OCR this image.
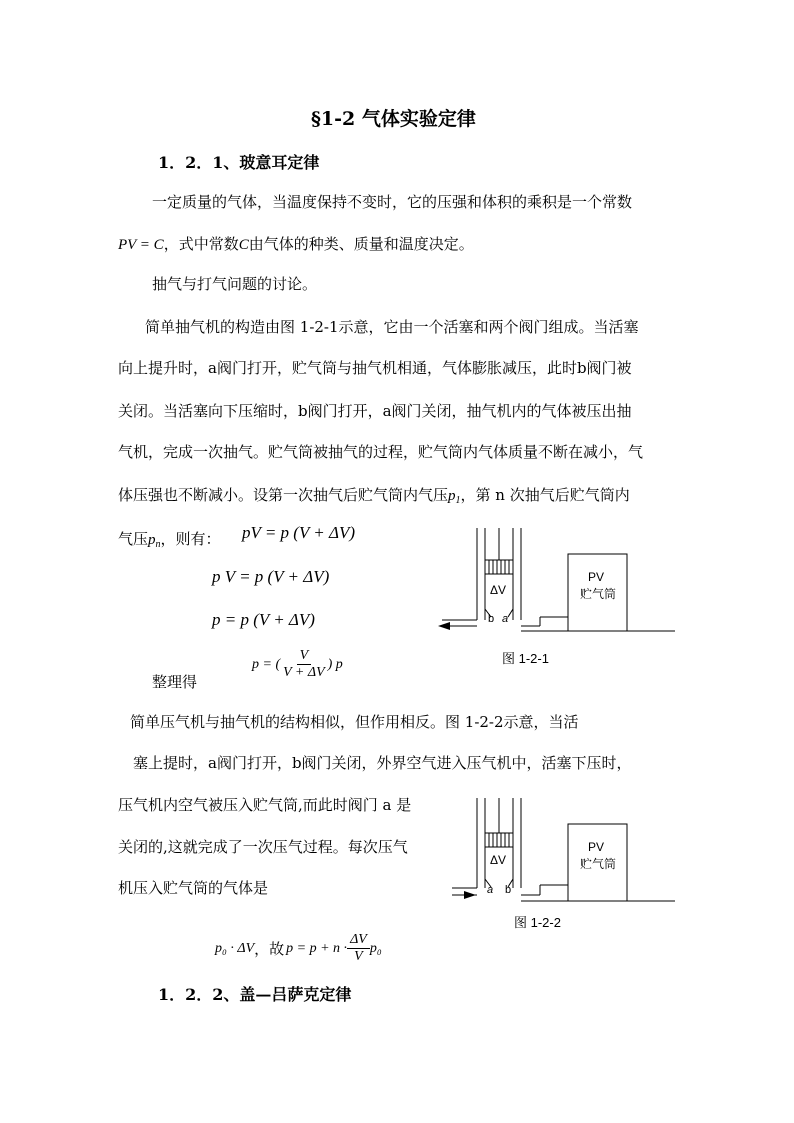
§1-2 气体实验定律
1．2．1、玻意耳定律
一定质量的气体，当温度保持不变时，它的压强和体积的乘积是一个常数
PV = C，式中常数C由气体的种类、质量和温度决定。
抽气与打气问题的讨论。
简单抽气机的构造由图 1-2-1示意，它由一个活塞和两个阀门组成。当活塞
向上提升时，a阀门打开，贮气筒与抽气机相通，气体膨胀减压，此时b阀门被
关闭。当活塞向下压缩时，b阀门打开，a阀门关闭，抽气机内的气体被压出抽
气机，完成一次抽气。贮气筒被抽气的过程，贮气筒内气体质量不断在减小，气
体压强也不断减小。设第一次抽气后贮气筒内气压$p_1$，第 n 次抽气后贮气筒内
气压$p_n$，则有： pV = p (V + ΔV)
p V = p (V + ΔV)
p = p (V + ΔV)
整理得
p = ( $\frac{V}{V + \Delta V}$ ) p
简单压气机与抽气机的结构相似，但作用相反。图 1-2-2示意，当活
塞上提时，a阀门打开，b阀门关闭，外界空气进入压气机中，活塞下压时，
压气机内空气被压入贮气筒,而此时阀门 a 是
关闭的,这就完成了一次压气过程。每次压气
机压入贮气筒的气体是
p₀ · ΔV ，故 $p = p + n \cdot \frac{\Delta V}{V} p_0$
1．2．2、盖—吕萨克定律
ΔV
b a
PV
贮气筒
图 1-2-1
ΔV
a b
PV
贮气筒
图 1-2-2
